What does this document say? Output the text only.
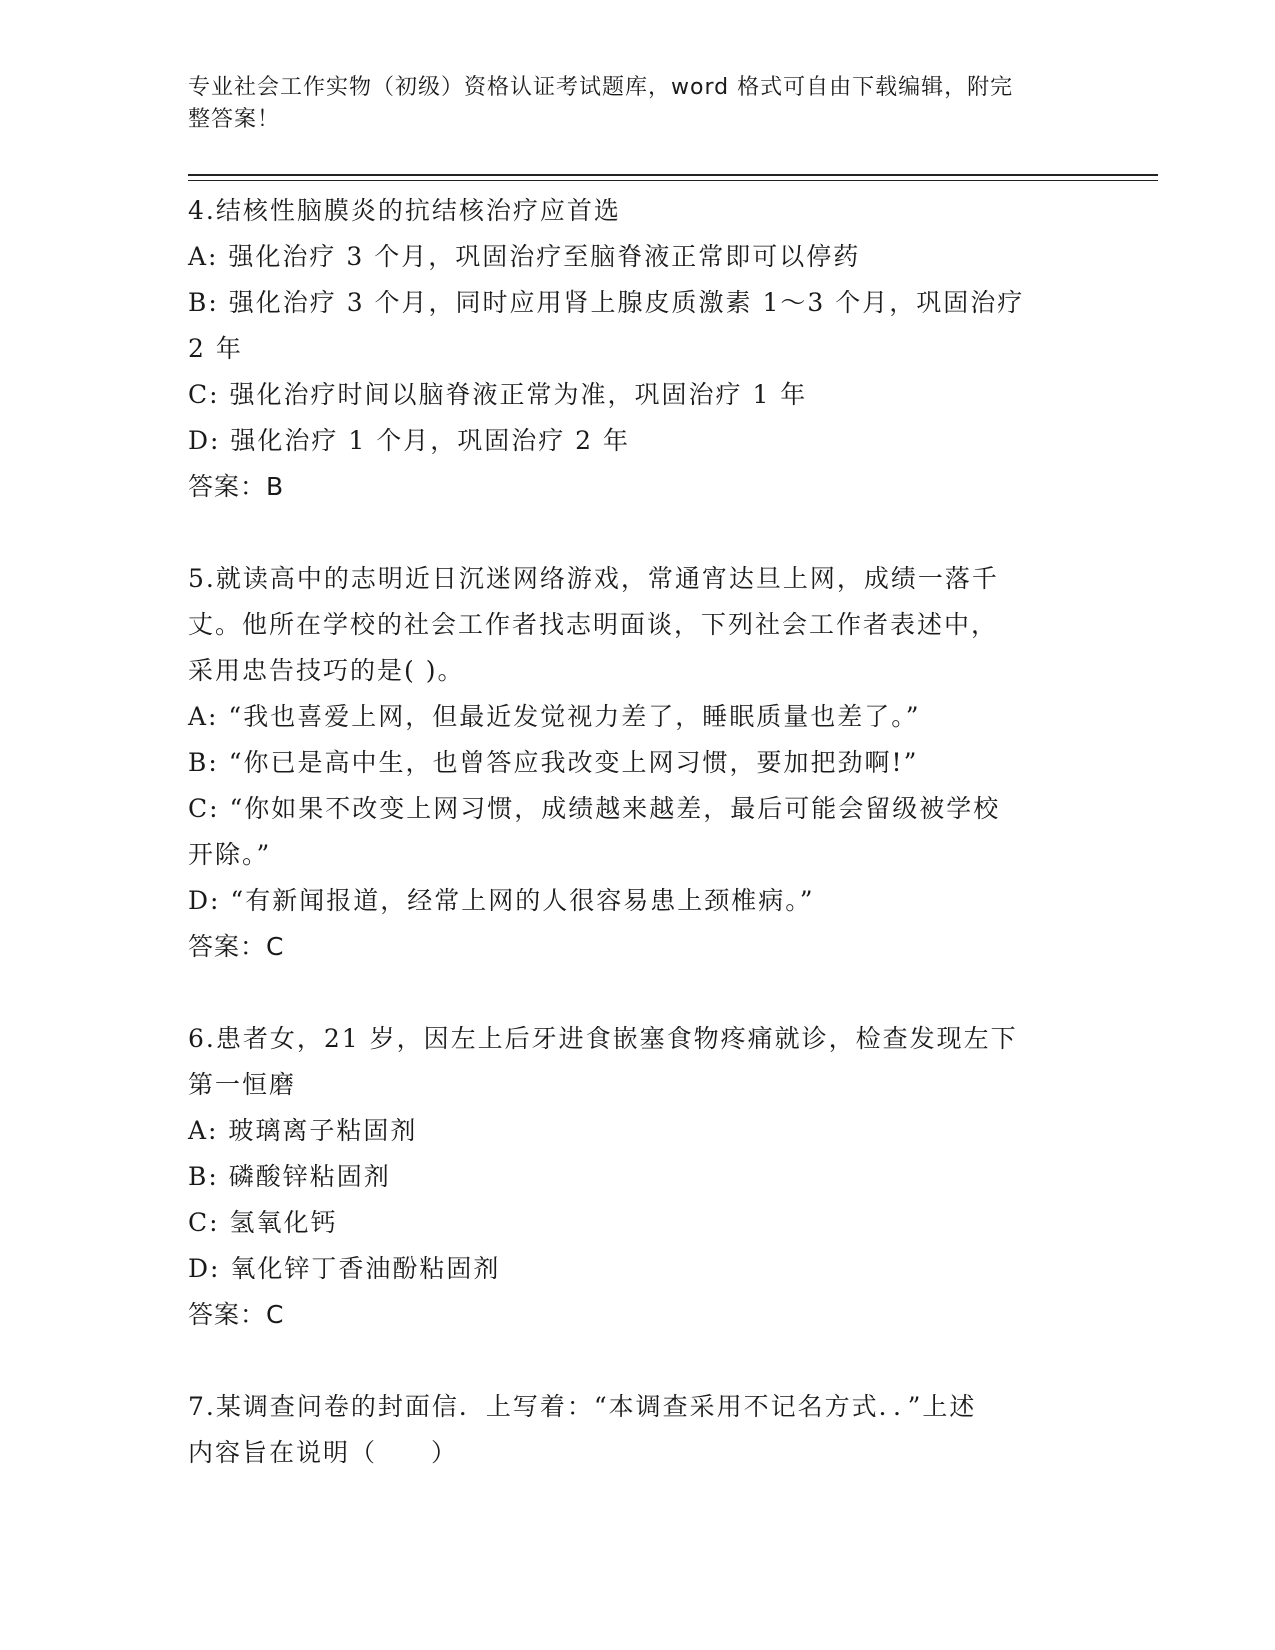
专业社会工作实物（初级）资格认证考试题库，word 格式可自由下载编辑，附完
整答案！
4.结核性脑膜炎的抗结核治疗应首选
A: 强化治疗 3 个月，巩固治疗至脑脊液正常即可以停药
B: 强化治疗 3 个月，同时应用肾上腺皮质激素 1～3 个月，巩固治疗
2 年
C: 强化治疗时间以脑脊液正常为准，巩固治疗 1 年
D: 强化治疗 1 个月，巩固治疗 2 年
答案：B
5.就读高中的志明近日沉迷网络游戏，常通宵达旦上网，成绩一落千
丈。他所在学校的社会工作者找志明面谈，下列社会工作者表述中，
采用忠告技巧的是( )。
A: “我也喜爱上网，但最近发觉视力差了，睡眠质量也差了。”
B: “你已是高中生，也曾答应我改变上网习惯，要加把劲啊!”
C: “你如果不改变上网习惯，成绩越来越差，最后可能会留级被学校
开除。”
D: “有新闻报道，经常上网的人很容易患上颈椎病。”
答案：C
6.患者女，21 岁，因左上后牙进食嵌塞食物疼痛就诊，检查发现左下
第一恒磨
A: 玻璃离子粘固剂
B: 磷酸锌粘固剂
C: 氢氧化钙
D: 氧化锌丁香油酚粘固剂
答案：C
7.某调查问卷的封面信．上写着：“本调查采用不记名方式．．”上述
内容旨在说明（　　）
